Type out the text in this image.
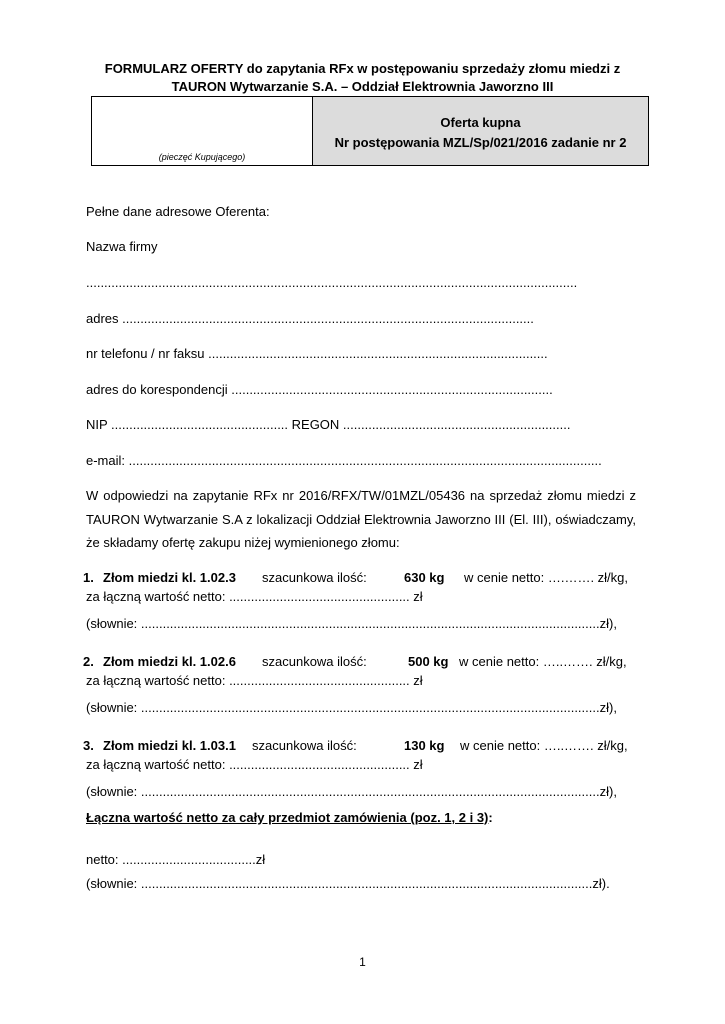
FORMULARZ OFERTY do zapytania RFx w postępowaniu sprzedaży złomu miedzi z
TAURON Wytwarzanie S.A. – Oddział Elektrownia Jaworzno III
(pieczęć Kupującego)
Oferta kupna
Nr postępowania MZL/Sp/021/2016 zadanie nr 2
Pełne dane adresowe Oferenta:
Nazwa firmy
........................................................................................................................................
adres ..................................................................................................................
nr telefonu / nr faksu ..............................................................................................
adres do korespondencji .........................................................................................
NIP ................................................. REGON ...............................................................
e-mail: ...................................................................................................................................
W odpowiedzi na zapytanie RFx nr 2016/RFX/TW/01MZL/05436 na sprzedaż złomu miedzi z TAURON Wytwarzanie S.A z lokalizacji Oddział Elektrownia Jaworzno III (El. III), oświadczamy, że składamy ofertę zakupu niżej wymienionego złomu:
1. Złom miedzi kl. 1.02.3 szacunkowa ilość:	630 kg w cenie netto: ….……. zł/kg,
za łączną wartość netto: .................................................. zł
(słownie: ...............................................................................................................................zł),
2. Złom miedzi kl. 1.02.6 szacunkowa ilość:	500 kg w cenie netto: …..……. zł/kg,
za łączną wartość netto: .................................................. zł
(słownie: ...............................................................................................................................zł),
3. Złom miedzi kl. 1.03.1 szacunkowa ilość:	130 kg w cenie netto: …..……. zł/kg,
za łączną wartość netto: .................................................. zł
(słownie: ...............................................................................................................................zł),
Łączna wartość netto za cały przedmiot zamówienia (poz. 1, 2 i 3):
netto: .....................................zł
(słownie: .............................................................................................................................zł).
1
